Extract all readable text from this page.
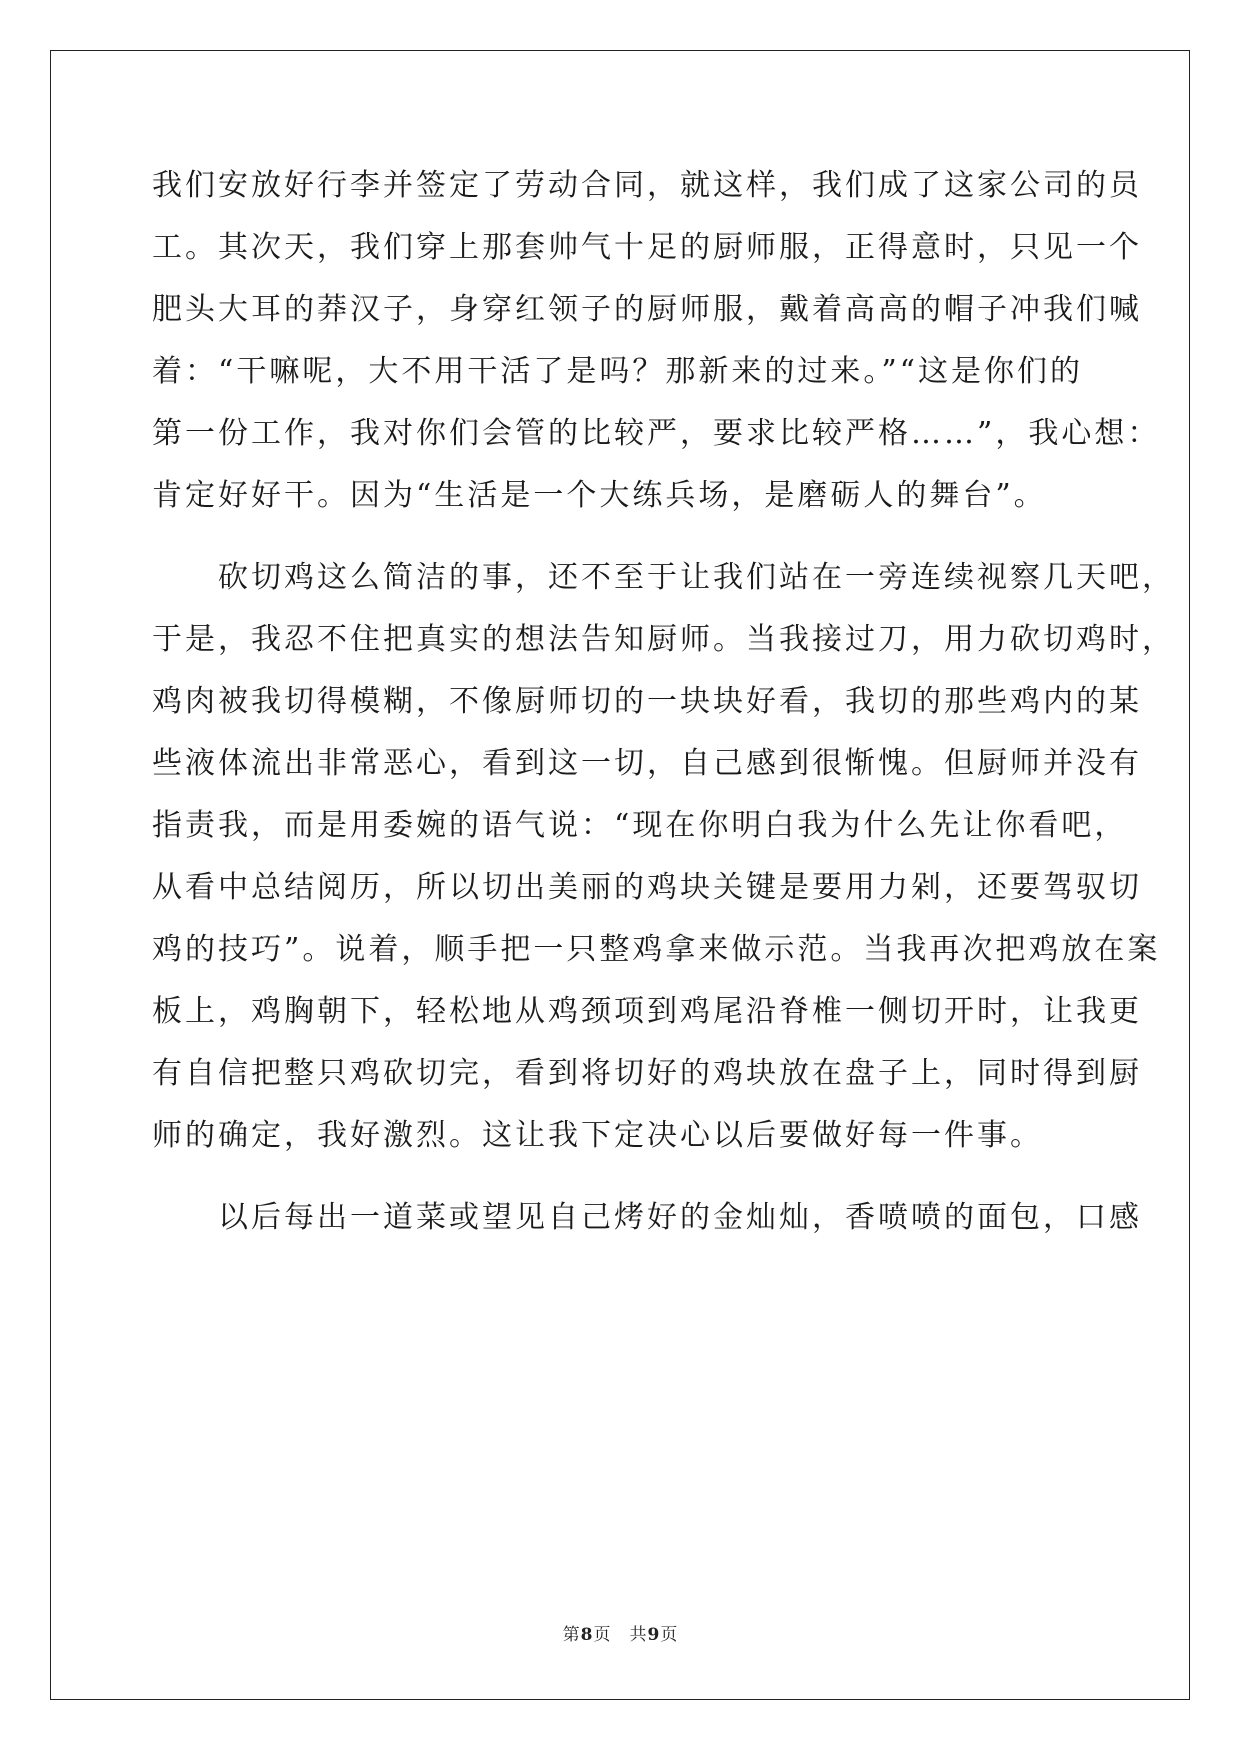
我们安放好行李并签定了劳动合同，就这样，我们成了这家公司的员
工。其次天，我们穿上那套帅气十足的厨师服，正得意时，只见一个
肥头大耳的莽汉子，身穿红领子的厨师服，戴着高高的帽子冲我们喊
着：“干嘛呢，大不用干活了是吗？那新来的过来。”“这是你们的
第一份工作，我对你们会管的比较严，要求比较严格……”，我心想：
肯定好好干。因为“生活是一个大练兵场，是磨砺人的舞台”。
　　砍切鸡这么简洁的事，还不至于让我们站在一旁连续视察几天吧，
于是，我忍不住把真实的想法告知厨师。当我接过刀，用力砍切鸡时，
鸡肉被我切得模糊，不像厨师切的一块块好看，我切的那些鸡内的某
些液体流出非常恶心，看到这一切，自己感到很惭愧。但厨师并没有
指责我，而是用委婉的语气说：“现在你明白我为什么先让你看吧，
从看中总结阅历，所以切出美丽的鸡块关键是要用力剁，还要驾驭切
鸡的技巧”。说着，顺手把一只整鸡拿来做示范。当我再次把鸡放在案
板上，鸡胸朝下，轻松地从鸡颈项到鸡尾沿脊椎一侧切开时，让我更
有自信把整只鸡砍切完，看到将切好的鸡块放在盘子上，同时得到厨
师的确定，我好激烈。这让我下定决心以后要做好每一件事。
　　以后每出一道菜或望见自己烤好的金灿灿，香喷喷的面包，口感
第8页　共9页
